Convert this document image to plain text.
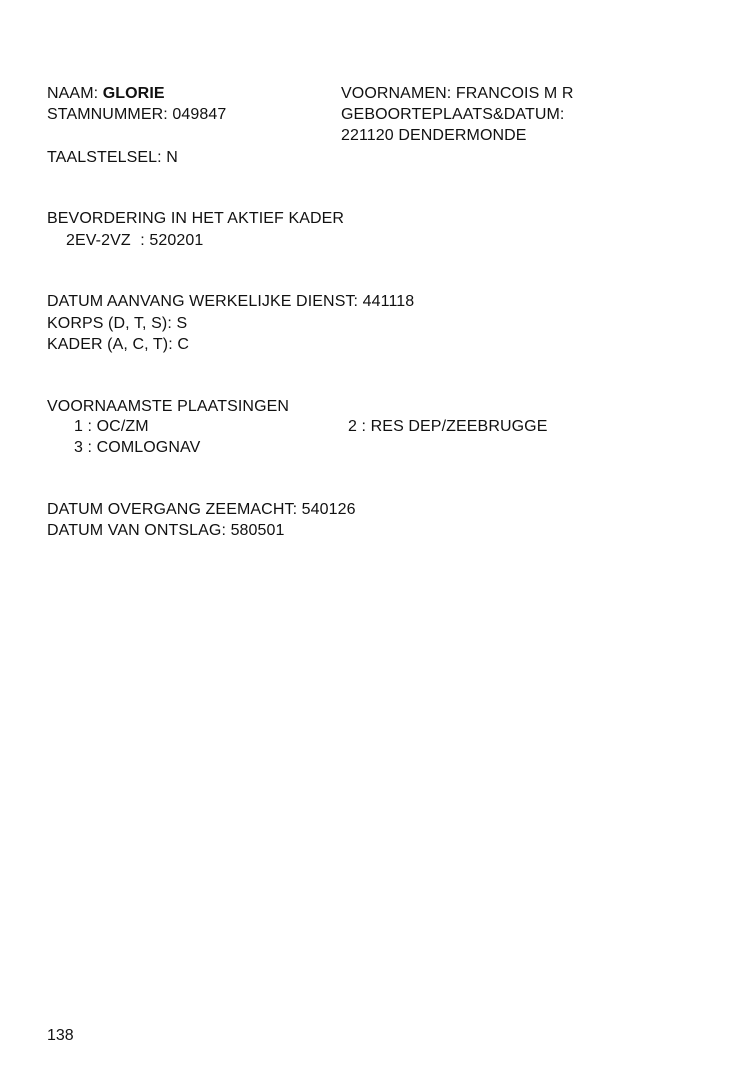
NAAM: GLORIE
STAMNUMMER: 049847
VOORNAMEN: FRANCOIS M R
GEBOORTEPLAATS&DATUM:
221120 DENDERMONDE
TAALSTELSEL: N
BEVORDERING IN HET AKTIEF KADER
2EV-2VZ : 520201
DATUM AANVANG WERKELIJKE DIENST: 441118
KORPS (D, T, S): S
KADER (A, C, T): C
VOORNAAMSTE PLAATSINGEN
1 : OC/ZM	2 : RES DEP/ZEEBRUGGE
3 : COMLOGNAV
DATUM OVERGANG ZEEMACHT: 540126
DATUM VAN ONTSLAG: 580501
138
